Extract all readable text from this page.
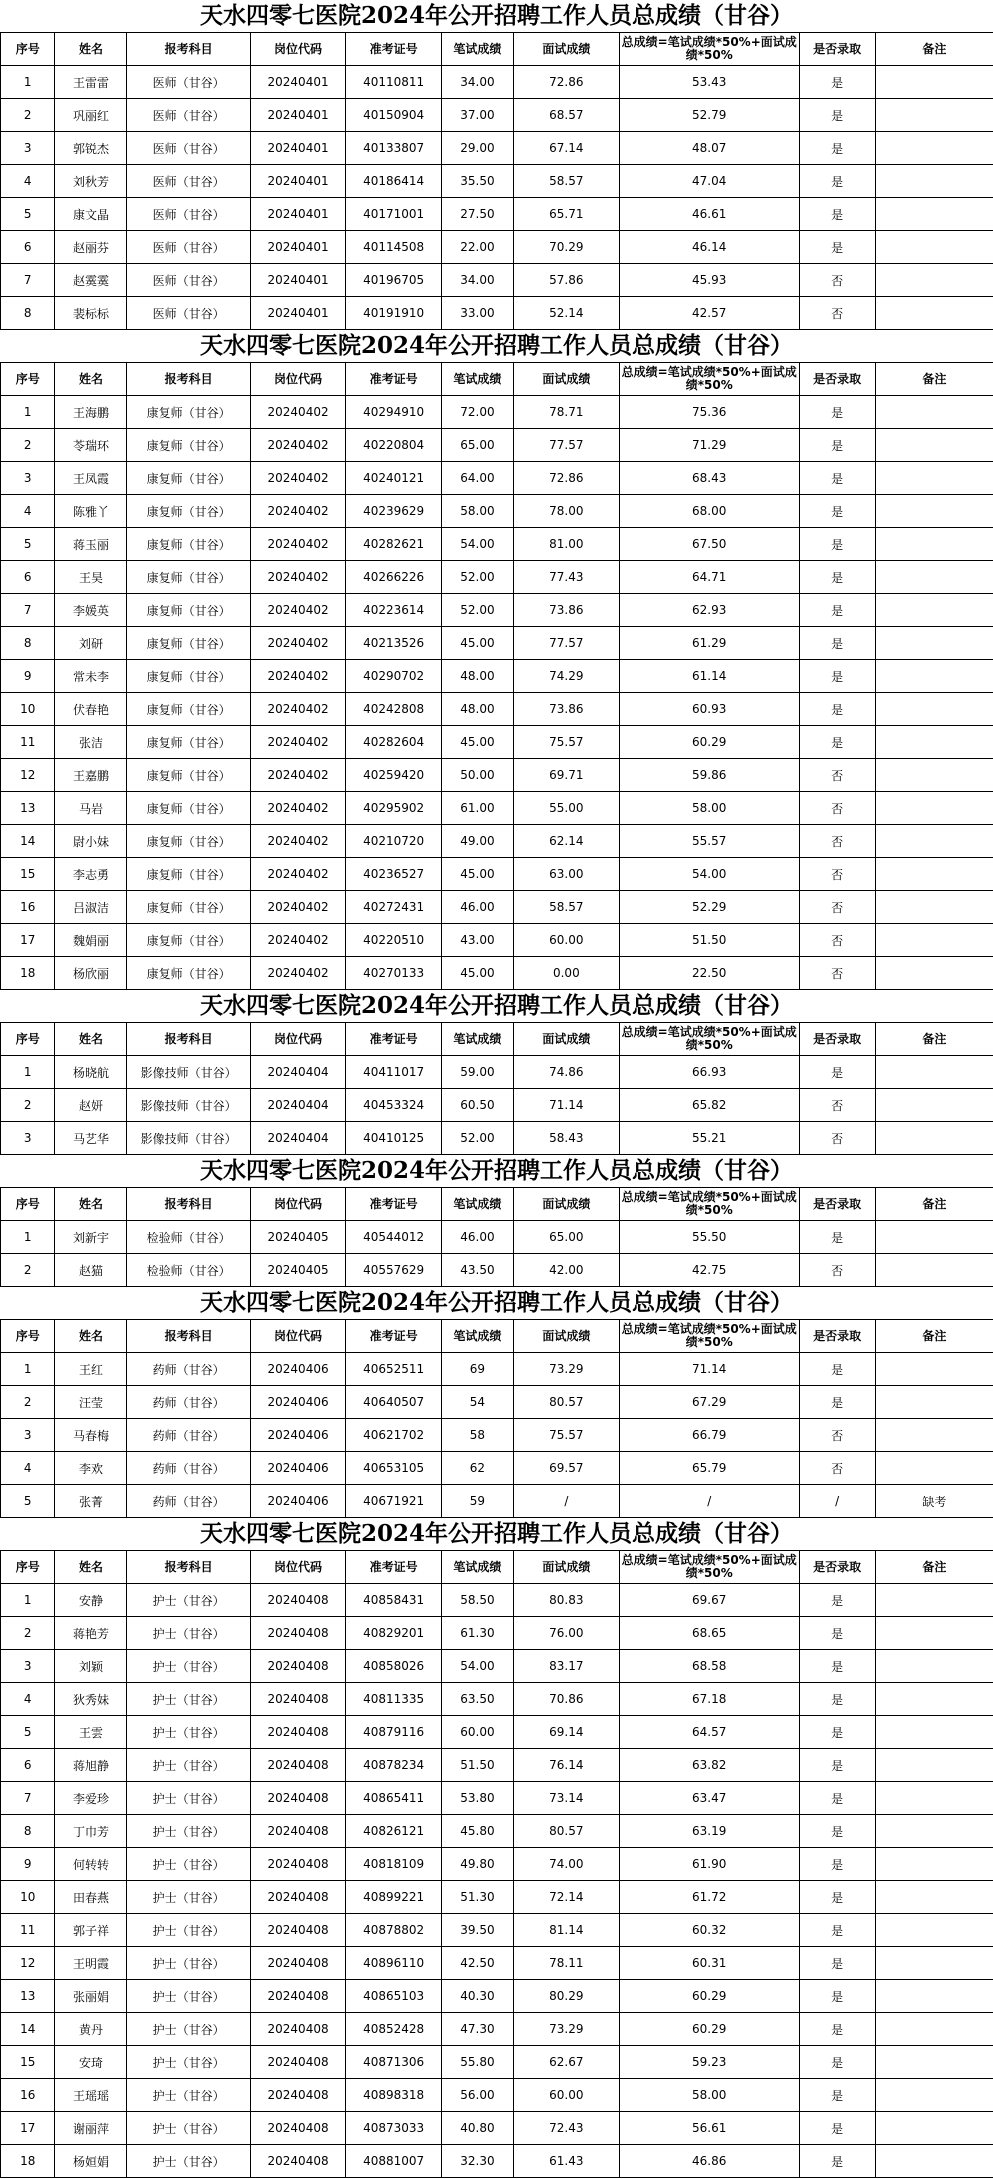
天水四零七医院2024年公开招聘工作人员总成绩（甘谷）
序号	姓名	报考科目	岗位代码	准考证号	笔试成绩	面试成绩	总成绩=笔试成绩*50%+面试成绩*50%	是否录取	备注

1	王雷雷	医师（甘谷）	20240401	40110811	34.00	72.86	53.43	是	
2	巩丽红	医师（甘谷）	20240401	40150904	37.00	68.57	52.79	是	
3	郭锐杰	医师（甘谷）	20240401	40133807	29.00	67.14	48.07	是	
4	刘秋芳	医师（甘谷）	20240401	40186414	35.50	58.57	47.04	是	
5	康文晶	医师（甘谷）	20240401	40171001	27.50	65.71	46.61	是	
6	赵丽芬	医师（甘谷）	20240401	40114508	22.00	70.29	46.14	是	
7	赵霙霙	医师（甘谷）	20240401	40196705	34.00	57.86	45.93	否	
8	裴标标	医师（甘谷）	20240401	40191910	33.00	52.14	42.57	否	
天水四零七医院2024年公开招聘工作人员总成绩（甘谷）
序号	姓名	报考科目	岗位代码	准考证号	笔试成绩	面试成绩	总成绩=笔试成绩*50%+面试成绩*50%	是否录取	备注

1	王海鹏	康复师（甘谷）	20240402	40294910	72.00	78.71	75.36	是	
2	苓瑞环	康复师（甘谷）	20240402	40220804	65.00	77.57	71.29	是	
3	王凤霞	康复师（甘谷）	20240402	40240121	64.00	72.86	68.43	是	
4	陈雅丫	康复师（甘谷）	20240402	40239629	58.00	78.00	68.00	是	
5	蒋玉丽	康复师（甘谷）	20240402	40282621	54.00	81.00	67.50	是	
6	王昊	康复师（甘谷）	20240402	40266226	52.00	77.43	64.71	是	
7	李媛英	康复师（甘谷）	20240402	40223614	52.00	73.86	62.93	是	
8	刘研	康复师（甘谷）	20240402	40213526	45.00	77.57	61.29	是	
9	常未李	康复师（甘谷）	20240402	40290702	48.00	74.29	61.14	是	
10	伏春艳	康复师（甘谷）	20240402	40242808	48.00	73.86	60.93	是	
11	张洁	康复师（甘谷）	20240402	40282604	45.00	75.57	60.29	是	
12	王嘉鹏	康复师（甘谷）	20240402	40259420	50.00	69.71	59.86	否	
13	马岩	康复师（甘谷）	20240402	40295902	61.00	55.00	58.00	否	
14	尉小妹	康复师（甘谷）	20240402	40210720	49.00	62.14	55.57	否	
15	李志勇	康复师（甘谷）	20240402	40236527	45.00	63.00	54.00	否	
16	吕淑洁	康复师（甘谷）	20240402	40272431	46.00	58.57	52.29	否	
17	魏娟丽	康复师（甘谷）	20240402	40220510	43.00	60.00	51.50	否	
18	杨欣丽	康复师（甘谷）	20240402	40270133	45.00	0.00	22.50	否	
天水四零七医院2024年公开招聘工作人员总成绩（甘谷）
序号	姓名	报考科目	岗位代码	准考证号	笔试成绩	面试成绩	总成绩=笔试成绩*50%+面试成绩*50%	是否录取	备注

1	杨晓航	影像技师（甘谷）	20240404	40411017	59.00	74.86	66.93	是	
2	赵妍	影像技师（甘谷）	20240404	40453324	60.50	71.14	65.82	否	
3	马艺华	影像技师（甘谷）	20240404	40410125	52.00	58.43	55.21	否	
天水四零七医院2024年公开招聘工作人员总成绩（甘谷）
序号	姓名	报考科目	岗位代码	准考证号	笔试成绩	面试成绩	总成绩=笔试成绩*50%+面试成绩*50%	是否录取	备注

1	刘新宇	检验师（甘谷）	20240405	40544012	46.00	65.00	55.50	是	
2	赵猫	检验师（甘谷）	20240405	40557629	43.50	42.00	42.75	否	
天水四零七医院2024年公开招聘工作人员总成绩（甘谷）
序号	姓名	报考科目	岗位代码	准考证号	笔试成绩	面试成绩	总成绩=笔试成绩*50%+面试成绩*50%	是否录取	备注

1	王红	药师（甘谷）	20240406	40652511	69	73.29	71.14	是	
2	汪莹	药师（甘谷）	20240406	40640507	54	80.57	67.29	是	
3	马春梅	药师（甘谷）	20240406	40621702	58	75.57	66.79	否	
4	李欢	药师（甘谷）	20240406	40653105	62	69.57	65.79	否	
5	张菁	药师（甘谷）	20240406	40671921	59	/	/	/	缺考
天水四零七医院2024年公开招聘工作人员总成绩（甘谷）
序号	姓名	报考科目	岗位代码	准考证号	笔试成绩	面试成绩	总成绩=笔试成绩*50%+面试成绩*50%	是否录取	备注

1	安静	护士（甘谷）	20240408	40858431	58.50	80.83	69.67	是	
2	蒋艳芳	护士（甘谷）	20240408	40829201	61.30	76.00	68.65	是	
3	刘颖	护士（甘谷）	20240408	40858026	54.00	83.17	68.58	是	
4	狄秀妹	护士（甘谷）	20240408	40811335	63.50	70.86	67.18	是	
5	王雲	护士（甘谷）	20240408	40879116	60.00	69.14	64.57	是	
6	蒋旭静	护士（甘谷）	20240408	40878234	51.50	76.14	63.82	是	
7	李爱珍	护士（甘谷）	20240408	40865411	53.80	73.14	63.47	是	
8	丁巾芳	护士（甘谷）	20240408	40826121	45.80	80.57	63.19	是	
9	何转转	护士（甘谷）	20240408	40818109	49.80	74.00	61.90	是	
10	田春燕	护士（甘谷）	20240408	40899221	51.30	72.14	61.72	是	
11	郭子祥	护士（甘谷）	20240408	40878802	39.50	81.14	60.32	是	
12	王明霞	护士（甘谷）	20240408	40896110	42.50	78.11	60.31	是	
13	张丽娟	护士（甘谷）	20240408	40865103	40.30	80.29	60.29	是	
14	黄丹	护士（甘谷）	20240408	40852428	47.30	73.29	60.29	是	
15	安琦	护士（甘谷）	20240408	40871306	55.80	62.67	59.23	是	
16	王瑶瑶	护士（甘谷）	20240408	40898318	56.00	60.00	58.00	是	
17	谢丽萍	护士（甘谷）	20240408	40873033	40.80	72.43	56.61	是	
18	杨姮娟	护士（甘谷）	20240408	40881007	32.30	61.43	46.86	是	
